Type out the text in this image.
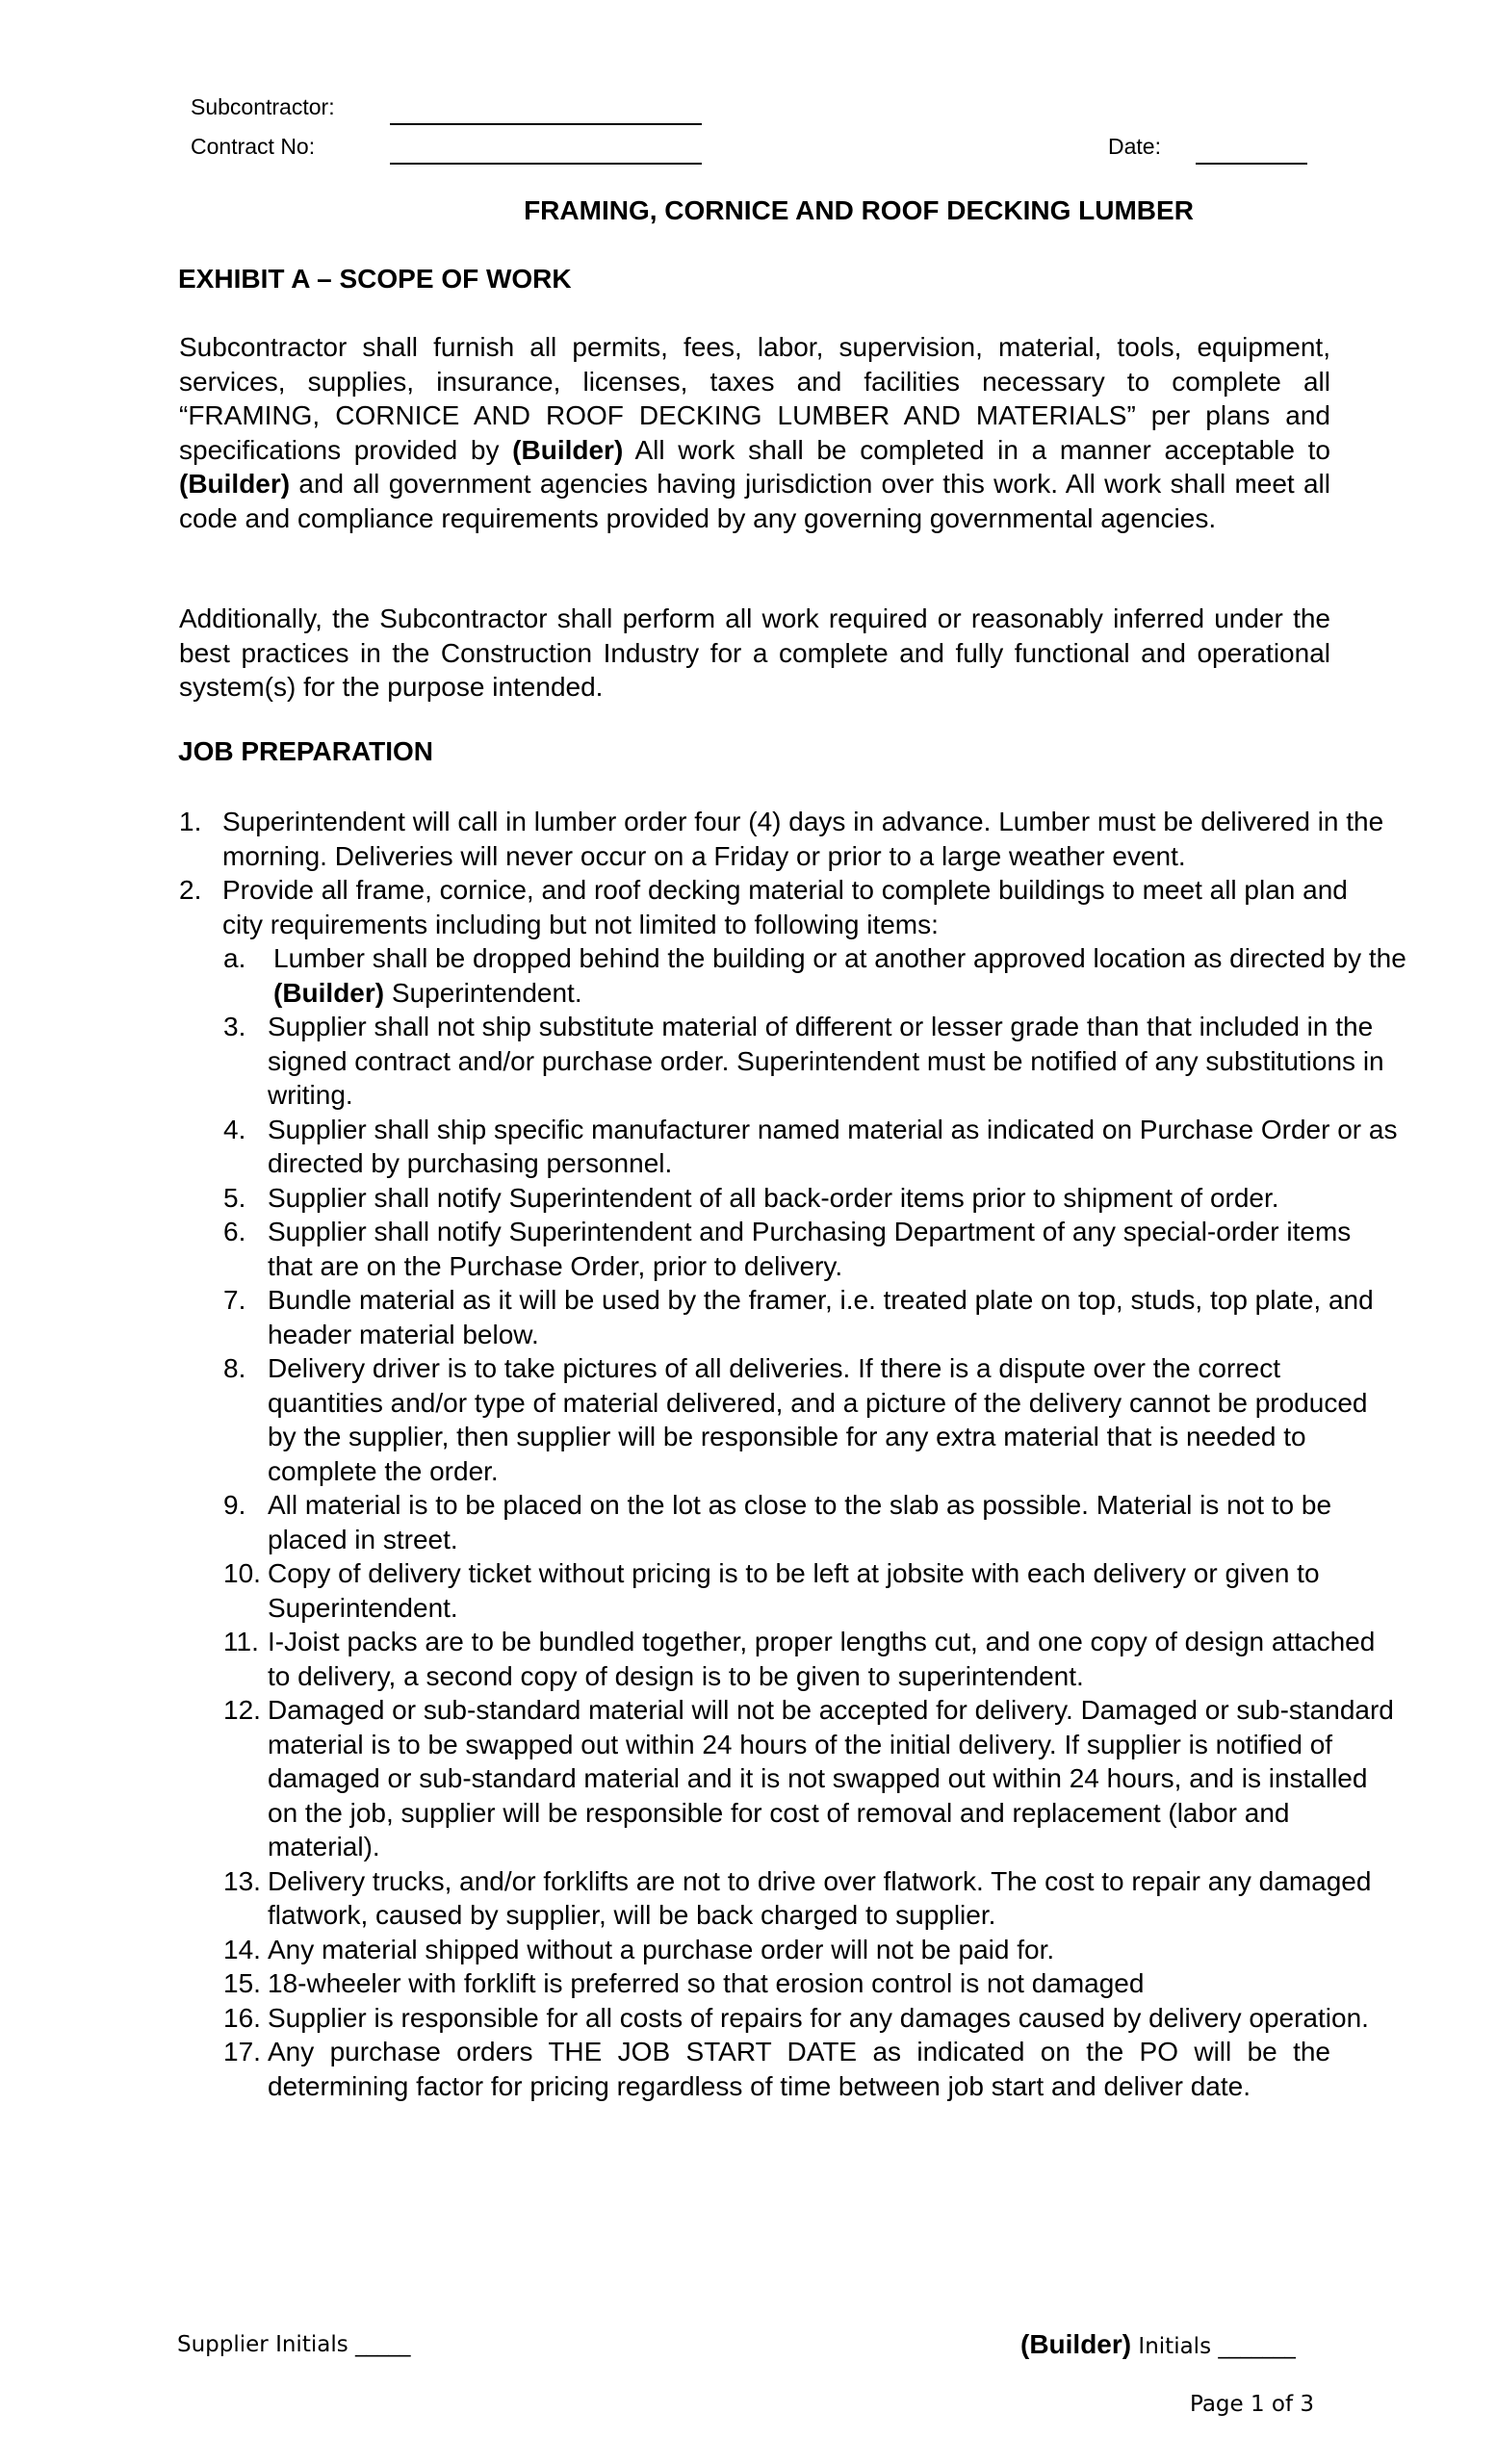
Subcontractor:
Contract No:	Date:
FRAMING, CORNICE AND ROOF DECKING LUMBER
EXHIBIT A – SCOPE OF WORK
Subcontractor shall furnish all permits, fees, labor, supervision, material, tools, equipment, services, supplies, insurance, licenses, taxes and facilities necessary to complete all “FRAMING, CORNICE AND ROOF DECKING LUMBER AND MATERIALS” per plans and specifications provided by (Builder) All work shall be completed in a manner acceptable to (Builder) and all government agencies having jurisdiction over this work. All work shall meet all code and compliance requirements provided by any governing governmental agencies.
Additionally, the Subcontractor shall perform all work required or reasonably inferred under the best practices in the Construction Industry for a complete and fully functional and operational system(s) for the purpose intended.
JOB PREPARATION
1. Superintendent will call in lumber order four (4) days in advance. Lumber must be delivered in the morning. Deliveries will never occur on a Friday or prior to a large weather event.
2. Provide all frame, cornice, and roof decking material to complete buildings to meet all plan and city requirements including but not limited to following items:
a. Lumber shall be dropped behind the building or at another approved location as directed by the (Builder) Superintendent.
3. Supplier shall not ship substitute material of different or lesser grade than that included in the signed contract and/or purchase order. Superintendent must be notified of any substitutions in writing.
4. Supplier shall ship specific manufacturer named material as indicated on Purchase Order or as directed by purchasing personnel.
5. Supplier shall notify Superintendent of all back-order items prior to shipment of order.
6. Supplier shall notify Superintendent and Purchasing Department of any special-order items that are on the Purchase Order, prior to delivery.
7. Bundle material as it will be used by the framer, i.e. treated plate on top, studs, top plate, and header material below.
8. Delivery driver is to take pictures of all deliveries. If there is a dispute over the correct quantities and/or type of material delivered, and a picture of the delivery cannot be produced by the supplier, then supplier will be responsible for any extra material that is needed to complete the order.
9. All material is to be placed on the lot as close to the slab as possible. Material is not to be placed in street.
10. Copy of delivery ticket without pricing is to be left at jobsite with each delivery or given to Superintendent.
11. I-Joist packs are to be bundled together, proper lengths cut, and one copy of design attached to delivery, a second copy of design is to be given to superintendent.
12. Damaged or sub-standard material will not be accepted for delivery. Damaged or sub-standard material is to be swapped out within 24 hours of the initial delivery. If supplier is notified of damaged or sub-standard material and it is not swapped out within 24 hours, and is installed on the job, supplier will be responsible for cost of removal and replacement (labor and material).
13. Delivery trucks, and/or forklifts are not to drive over flatwork. The cost to repair any damaged flatwork, caused by supplier, will be back charged to supplier.
14. Any material shipped without a purchase order will not be paid for.
15. 18-wheeler with forklift is preferred so that erosion control is not damaged
16. Supplier is responsible for all costs of repairs for any damages caused by delivery operation.
17. Any purchase orders THE JOB START DATE as indicated on the PO will be the determining factor for pricing regardless of time between job start and deliver date.
Supplier Initials _____	(Builder) Initials _______
Page 1 of 3
